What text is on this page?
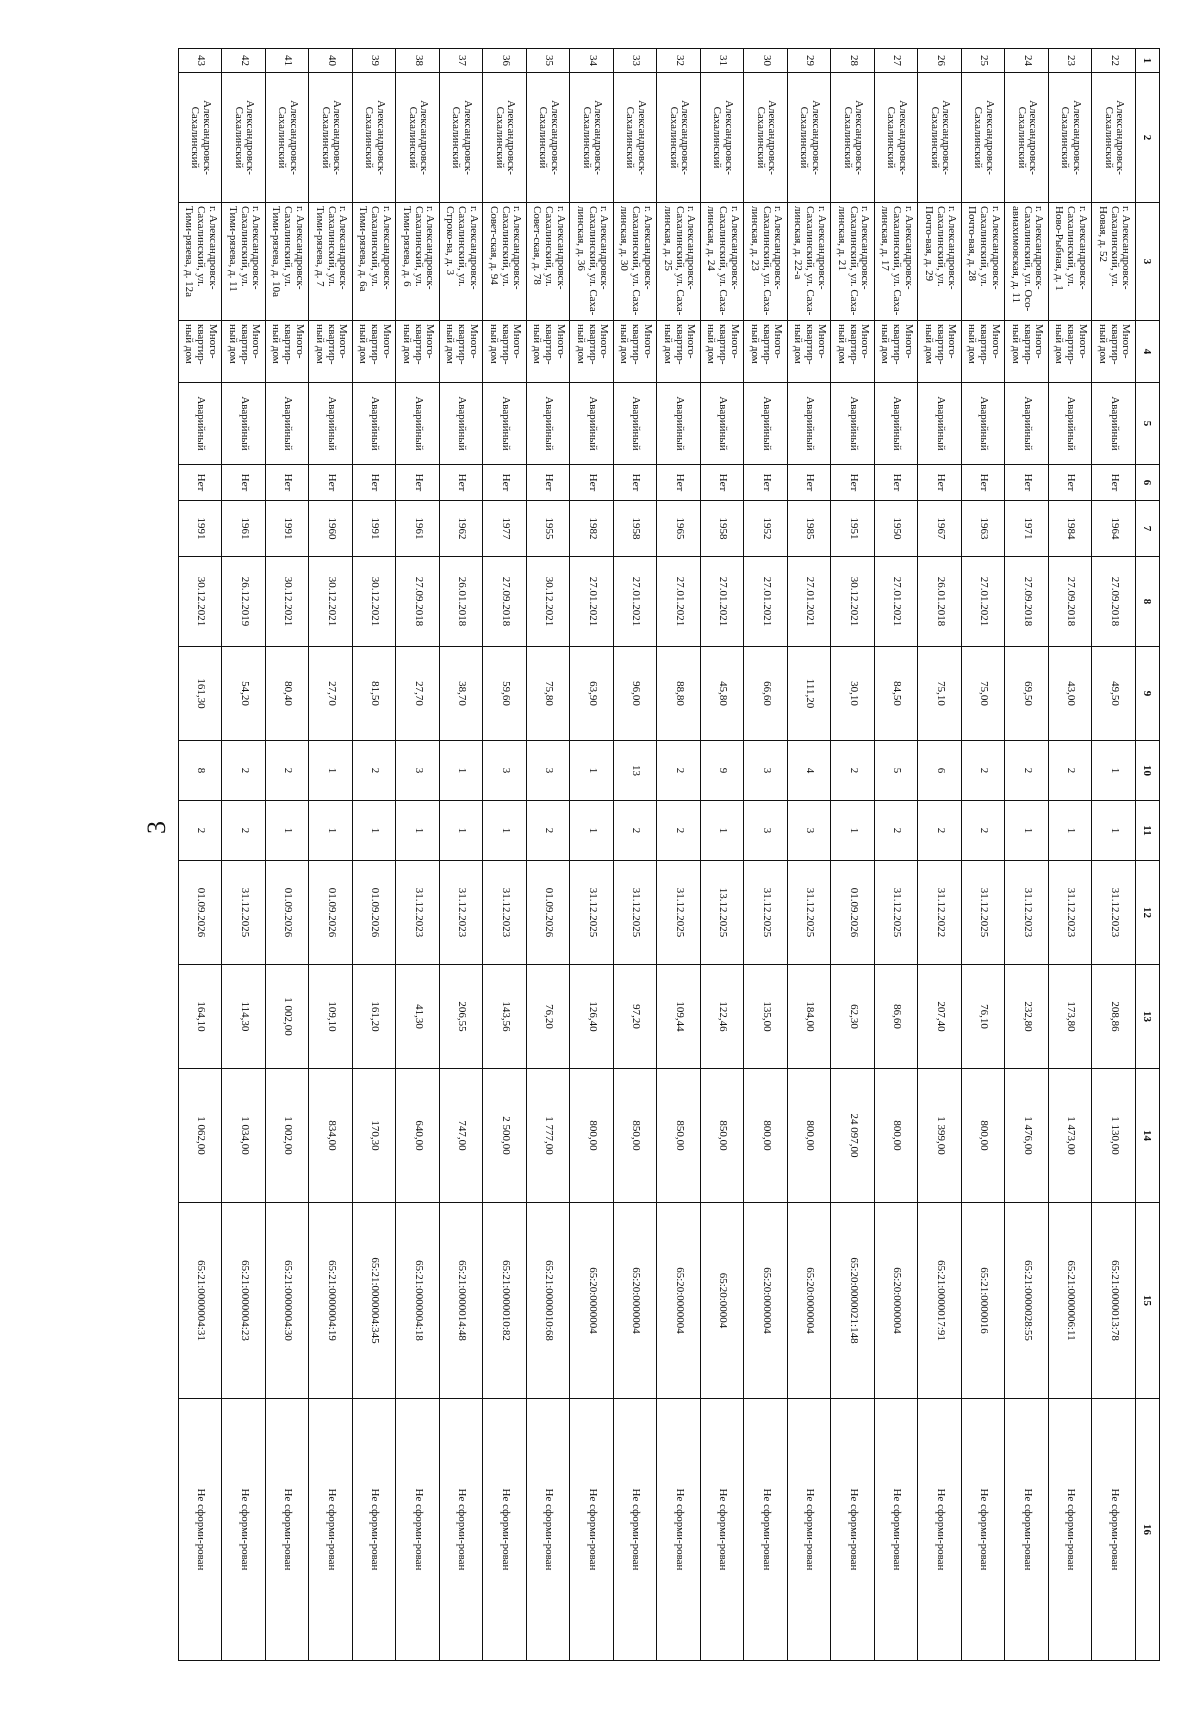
3
1	2	3	4	5	6	7	8	9	10	11	12	13	14	15	16
22	Александровск-Сахалинский	г. Александровск-Сахалинский, ул. Новая, д. 52	Много-квартир-ный дом	Аварийный	Нет	1964	27.09.2018	49,50	1	1	31.12.2023	208,86	1 130,00	65:21:0000013:78	Не сформи-рован
23	Александровск-Сахалинский	г. Александровск-Сахалинский, ул. Ново-Рыбная, д. 1	Много-квартир-ный дом	Аварийный	Нет	1984	27.09.2018	43,00	2	1	31.12.2023	173,80	1 473,00	65:21:0000006:11	Не сформи-рован
24	Александровск-Сахалинский	г. Александровск-Сахалинский, ул. Осо-авиахимовская, д. 11	Много-квартир-ный дом	Аварийный	Нет	1971	27.09.2018	69,50	2	1	31.12.2023	232,80	1 476,00	65:21:0000028:55	Не сформи-рован
25	Александровск-Сахалинский	г. Александровск-Сахалинский, ул. Почто-вая, д. 28	Много-квартир-ный дом	Аварийный	Нет	1963	27.01.2021	75,00	2	2	31.12.2025	76,10	800,00	65:21:0000016	Не сформи-рован
26	Александровск-Сахалинский	г. Александровск-Сахалинский, ул. Почто-вая, д. 29	Много-квартир-ный дом	Аварийный	Нет	1967	26.01.2018	75,10	6	2	31.12.2022	207,40	1 399,00	65:21:0000017:91	Не сформи-рован
27	Александровск-Сахалинский	г. Александровск-Сахалинский, ул. Саха-линская, д. 17	Много-квартир-ный дом	Аварийный	Нет	1950	27.01.2021	84,50	5	2	31.12.2025	86,60	800,00	65:20:0000004	Не сформи-рован
28	Александровск-Сахалинский	г. Александровск-Сахалинский, ул. Саха-линская, д. 21	Много-квартир-ный дом	Аварийный	Нет	1951	30.12.2021	30,10	2	1	01.09.2026	62,30	24 097,00	65:20:0000021:148	Не сформи-рован
29	Александровск-Сахалинский	г. Александровск-Сахалинский, ул. Саха-линская, д. 22-а	Много-квартир-ный дом	Аварийный	Нет	1985	27.01.2021	111,20	4	3	31.12.2025	184,00	800,00	65:20:0000004	Не сформи-рован
30	Александровск-Сахалинский	г. Александровск-Сахалинский, ул. Саха-линская, д. 23	Много-квартир-ный дом	Аварийный	Нет	1952	27.01.2021	66,60	3	3	31.12.2025	135,00	800,00	65:20:0000004	Не сформи-рован
31	Александровск-Сахалинский	г. Александровск-Сахалинский, ул. Саха-линская, д. 24	Много-квартир-ный дом	Аварийный	Нет	1958	27.01.2021	45,80	9	1	13.12.2025	122,46	850,00	65:20:00004	Не сформи-рован
32	Александровск-Сахалинский	г. Александровск-Сахалинский, ул. Саха-линская, д. 25	Много-квартир-ный дом	Аварийный	Нет	1965	27.01.2021	88,80	2	2	31.12.2025	109,44	850,00	65:20:0000004	Не сформи-рован
33	Александровск-Сахалинский	г. Александровск-Сахалинский, ул. Саха-линская, д. 30	Много-квартир-ный дом	Аварийный	Нет	1958	27.01.2021	96,00	13	2	31.12.2025	97,20	850,00	65:20:0000004	Не сформи-рован
34	Александровск-Сахалинский	г. Александровск-Сахалинский, ул. Саха-линская, д. 36	Много-квартир-ный дом	Аварийный	Нет	1982	27.01.2021	63,90	1	1	31.12.2025	126,40	800,00	65:20:0000004	Не сформи-рован
35	Александровск-Сахалинский	г. Александровск-Сахалинский, ул. Совет-ская, д. 78	Много-квартир-ный дом	Аварийный	Нет	1955	30.12.2021	75,80	3	2	01.09.2026	76,20	1 777,00	65:21:0000010:68	Не сформи-рован
36	Александровск-Сахалинский	г. Александровск-Сахалинский, ул. Совет-ская, д. 94	Много-квартир-ный дом	Аварийный	Нет	1977	27.09.2018	59,60	3	1	31.12.2023	143,56	2 500,00	65:21:0000010:82	Не сформи-рован
37	Александровск-Сахалинский	г. Александровск-Сахалинский, ул. Строко-ва, д. 3	Много-квартир-ный дом	Аварийный	Нет	1962	26.01.2018	38,70	1	1	31.12.2023	206,55	747,00	65:21:0000014:48	Не сформи-рован
38	Александровск-Сахалинский	г. Александровск-Сахалинский, ул. Тими-рязева, д. 6	Много-квартир-ный дом	Аварийный	Нет	1961	27.09.2018	27,70	3	1	31.12.2023	41,30	640,00	65:21:0000004:18	Не сформи-рован
39	Александровск-Сахалинский	г. Александровск-Сахалинский, ул. Тими-рязева, д. 6а	Много-квартир-ный дом	Аварийный	Нет	1991	30.12.2021	81,50	2	1	01.09.2026	161,20	170,30	65:21:0000004:345	Не сформи-рован
40	Александровск-Сахалинский	г. Александровск-Сахалинский, ул. Тими-рязева, д. 7	Много-квартир-ный дом	Аварийный	Нет	1960	30.12.2021	27,70	1	1	01.09.2026	109,10	834,00	65:21:0000004:19	Не сформи-рован
41	Александровск-Сахалинский	г. Александровск-Сахалинский, ул. Тими-рязева, д. 10а	Много-квартир-ный дом	Аварийный	Нет	1991	30.12.2021	80,40	2	1	01.09.2026	1 002,00	1 002,00	65:21:0000004:30	Не сформи-рован
42	Александровск-Сахалинский	г. Александровск-Сахалинский, ул. Тими-рязева, д. 11	Много-квартир-ный дом	Аварийный	Нет	1961	26.12.2019	54,20	2	2	31.12.2025	114,30	1 034,00	65:21:0000004:23	Не сформи-рован
43	Александровск-Сахалинский	г. Александровск-Сахалинский, ул. Тими-рязева, д. 12а	Много-квартир-ный дом	Аварийный	Нет	1991	30.12.2021	161,30	8	2	01.09.2026	164,10	1 062,00	65:21:0000004:31	Не сформи-рован
